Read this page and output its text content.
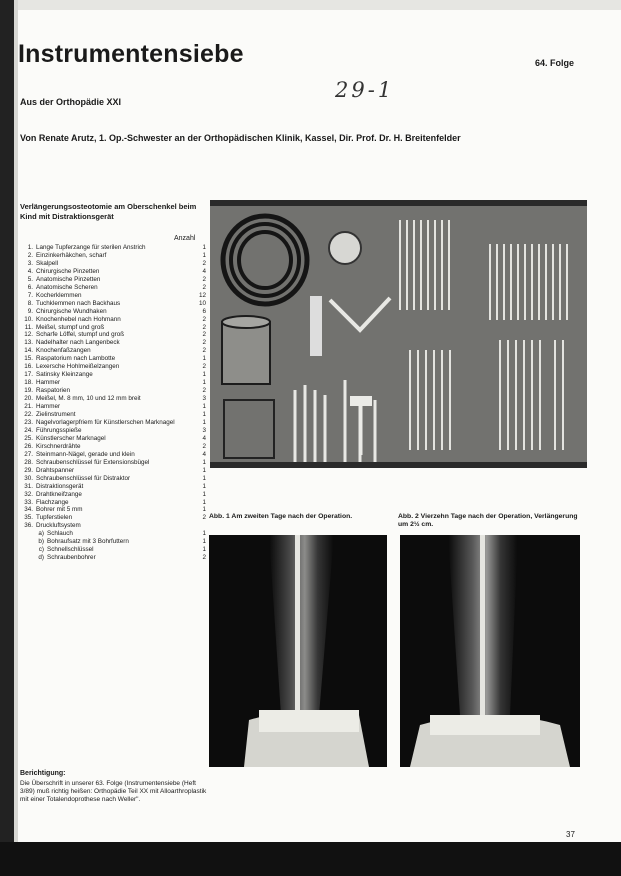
Instrumentensiebe	64. Folge
29-1
Aus der Orthopädie XXI
Von Renate Arutz, 1. Op.-Schwester an der Orthopädischen Klinik, Kassel, Dir. Prof. Dr. H. Breitenfelder
Verlängerungsosteotomie am Oberschenkel beim Kind mit Distraktionsgerät
Anzahl
1. Lange Tupferzange für sterilen Anstrich	1
2. Einzinkerhäkchen, scharf	1
3. Skalpell	2
4. Chirurgische Pinzetten	4
5. Anatomische Pinzetten	2
6. Anatomische Scheren	2
7. Kocherklemmen	12
8. Tuchklemmen nach Backhaus	10
9. Chirurgische Wundhaken	6
10. Knochenhebel nach Hohmann	2
11. Meißel, stumpf und groß	2
12. Scharfe Löffel, stumpf und groß	2
13. Nadelhalter nach Langenbeck	2
14. Knochenfaßzangen	2
15. Raspatorium nach Lambotte	1
16. Lexersche Hohlmeißelzangen	2
17. Satinsky Kleinzange	1
18. Hammer	1
19. Raspatorien	2
20. Meißel, M. 8 mm, 10 und 12 mm breit	3
21. Hammer	1
22. Zielinstrument	1
23. Nagelvorlagerpfriem für Künstlerschen Marknagel	1
24. Führungsspieße	3
25. Künstlerscher Marknagel	4
26. Kirschnerdrähte	2
27. Steinmann-Nägel, gerade und klein	4
28. Schraubenschlüssel für Extensionsbügel	1
29. Drahtspanner	1
30. Schraubenschlüssel für Distraktor	1
31. Distraktionsgerät	1
32. Drahtkneifzange	1
33. Flachzange	1
34. Bohrer mit 5 mm	1
35. Tupferstielen	2
36. Druckluftsystem
a) Schlauch	1
b) Bohraufsatz mit 3 Bohrfuttern	1
c) Schnellschlüssel	1
d) Schraubenbohrer	2
Abb. 1 Am zweiten Tage nach der Operation.	Abb. 2 Vierzehn Tage nach der Operation, Verlängerung um 2½ cm.
Berichtigung:
Die Überschrift in unserer 63. Folge (Instrumentensiebe (Heft 3/89) muß richtig heißen: Orthopädie Teil XX mit Alloarthroplastik mit einer Totalendoprothese nach Weller".
37
